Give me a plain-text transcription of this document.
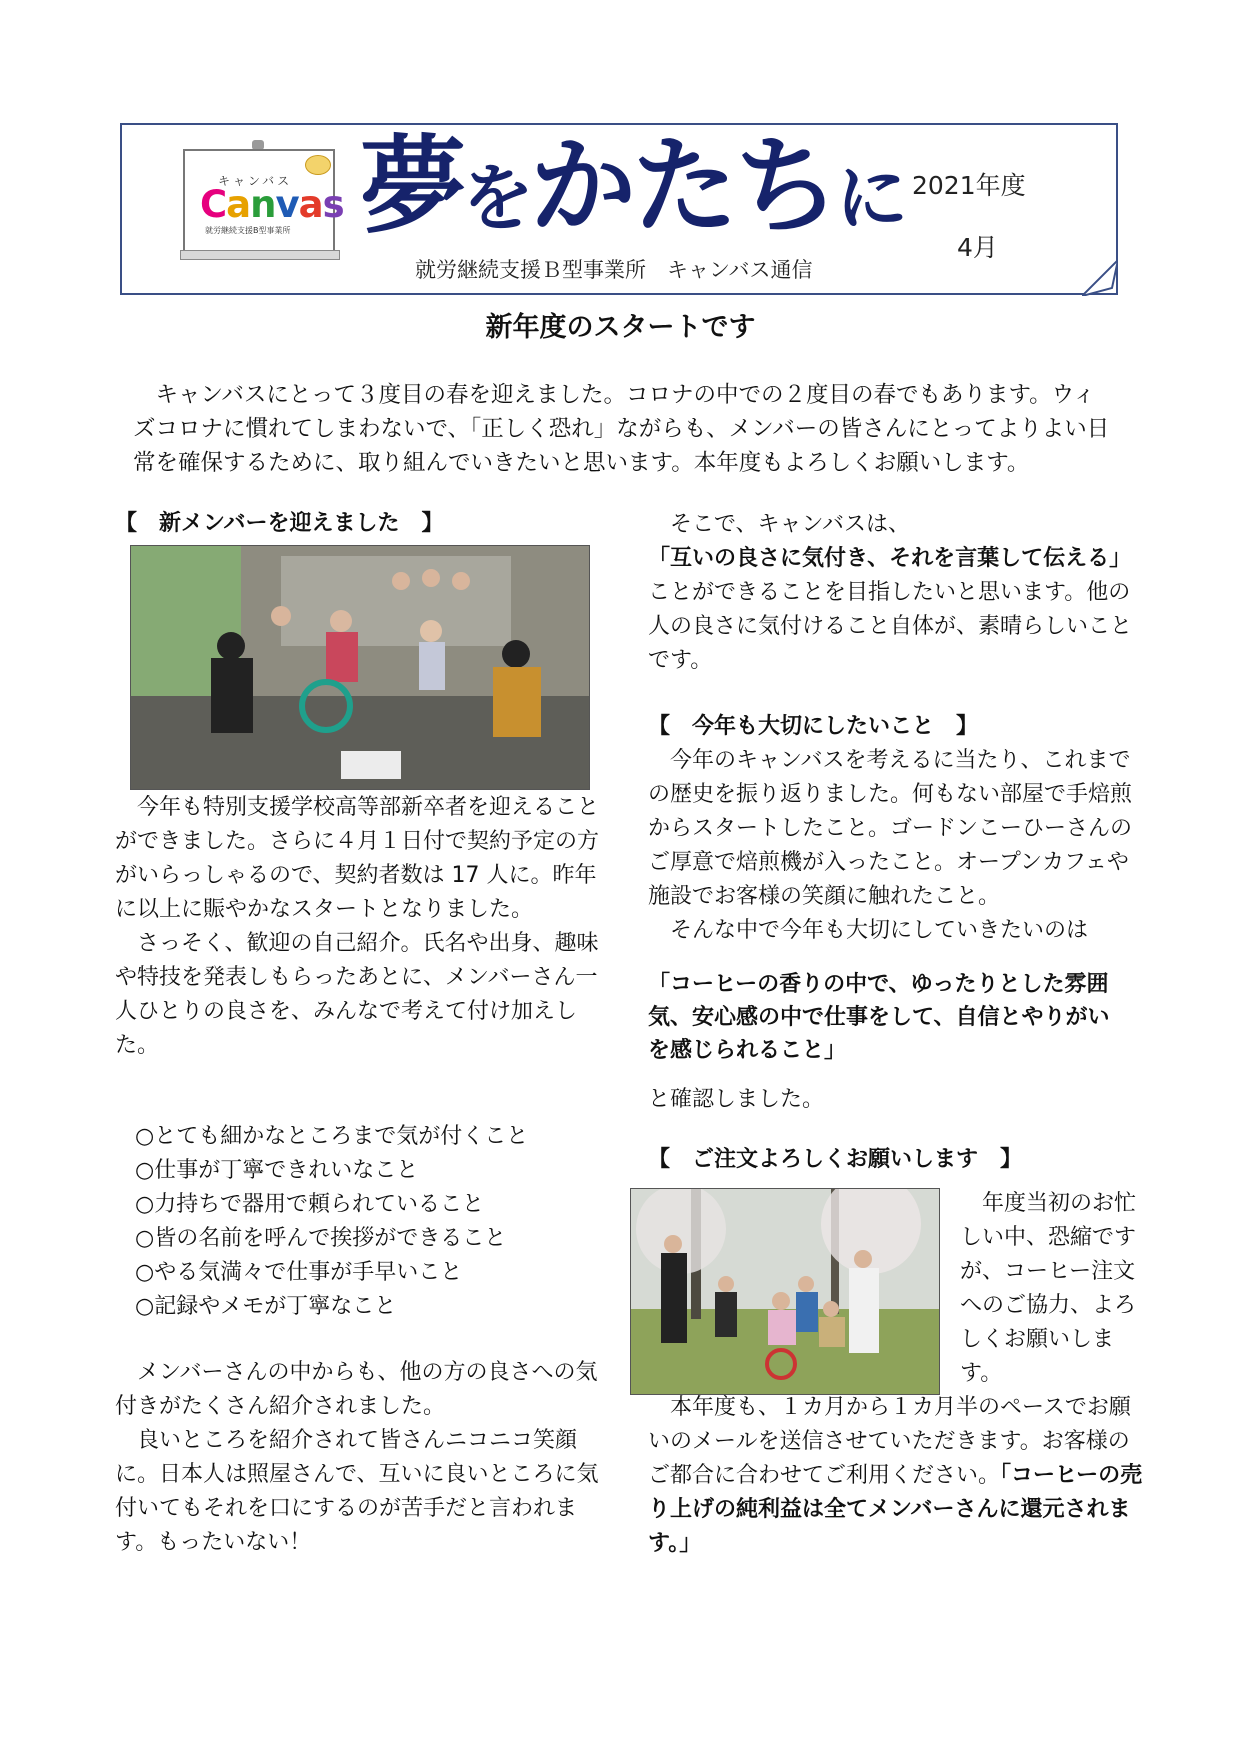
キャンバス
Canvas
就労継続支援B型事業所 夢をかたちに
就労継続支援Ｂ型事業所　キャンバス通信
2021年度
4月
新年度のスタートです
　キャンバスにとって３度目の春を迎えました。コロナの中での２度目の春でもあります。ウィズコロナに慣れてしまわないで、「正しく恐れ」ながらも、メンバーの皆さんにとってよりよい日常を確保するために、取り組んでいきたいと思います。本年度もよろしくお願いします。
【　新メンバーを迎えました　】

　今年も特別支援学校高等部新卒者を迎えることができました。さらに４月１日付で契約予定の方がいらっしゃるので、契約者数は 17 人に。昨年に以上に賑やかなスタートとなりました。

　さっそく、歓迎の自己紹介。氏名や出身、趣味や特技を発表しもらったあとに、メンバーさん一人ひとりの良さを、みんなで考えて付け加えした。

○とても細かなところまで気が付くこと

○仕事が丁寧できれいなこと

○力持ちで器用で頼られていること

○皆の名前を呼んで挨拶ができること

○やる気満々で仕事が手早いこと

○記録やメモが丁寧なこと

　メンバーさんの中からも、他の方の良さへの気付きがたくさん紹介されました。

　良いところを紹介されて皆さんニコニコ笑顔に。日本人は照屋さんで、互いに良いところに気付いてもそれを口にするのが苦手だと言われます。もったいない！

　そこで、キャンバスは、

「互いの良さに気付き、それを言葉して伝える」ことができることを目指したいと思います。他の人の良さに気付けること自体が、素晴らしいことです。

【　今年も大切にしたいこと　】

　今年のキャンバスを考えるに当たり、これまでの歴史を振り返りました。何もない部屋で手焙煎からスタートしたこと。ゴードンこーひーさんのご厚意で焙煎機が入ったこと。オープンカフェや施設でお客様の笑顔に触れたこと。

　そんな中で今年も大切にしていきたいのは

「コーヒーの香りの中で、ゆったりとした雰囲気、安心感の中で仕事をして、自信とやりがいを感じられること」
と確認しました。
【　ご注文よろしくお願いします　】
　年度当初のお忙しい中、恐縮ですが、コーヒー注文へのご協力、よろしくお願いします。
　本年度も、１カ月から１カ月半のペースでお願いのメールを送信させていただきます。お客様のご都合に合わせてご利用ください。「コーヒーの売り上げの純利益は全てメンバーさんに還元されます。」
